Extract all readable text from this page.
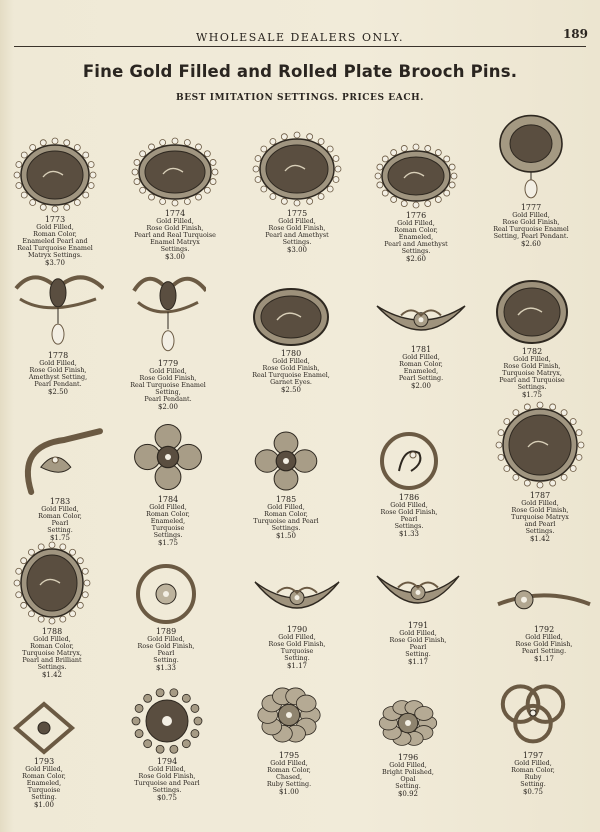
WHOLESALE DEALERS ONLY.	189
Fine Gold Filled and Rolled Plate Brooch Pins.
BEST IMITATION SETTINGS. PRICES EACH.
1773
Gold Filled,
Roman Color,
Enameled Pearl and
Real Turquoise Enamel
Matryx Settings.
$3.70
1774
Gold Filled,
Rose Gold Finish,
Pearl and Real Turquoise
Enamel Matryx
Settings.
$3.00
1775
Gold Filled,
Rose Gold Finish,
Pearl and Amethyst
Settings.
$3.00
1776
Gold Filled,
Roman Color,
Enameled,
Pearl and Amethyst
Settings.
$2.60
1777
Gold Filled,
Rose Gold Finish,
Real Turquoise Enamel
Setting, Pearl Pendant.
$2.60
1778
Gold Filled,
Rose Gold Finish,
Amethyst Setting,
Pearl Pendant.
$2.50
1779
Gold Filled,
Rose Gold Finish,
Real Turquoise Enamel
Setting,
Pearl Pendant.
$2.00
1780
Gold Filled,
Rose Gold Finish,
Real Turquoise Enamel,
Garnet Eyes.
$2.50
1781
Gold Filled,
Roman Color,
Enameled,
Pearl Setting.
$2.00
1782
Gold Filled,
Rose Gold Finish,
Turquoise Matryx,
Pearl and Turquoise
Settings.
$1.75
1783
Gold Filled,
Roman Color,
Pearl
Setting.
$1.75
1784
Gold Filled,
Roman Color,
Enameled,
Turquoise
Settings.
$1.75
1785
Gold Filled,
Roman Color,
Turquoise and Pearl
Settings.
$1.50
1786
Gold Filled,
Rose Gold Finish,
Pearl
Settings.
$1.33
1787
Gold Filled,
Rose Gold Finish,
Turquoise Matryx
and Pearl
Settings.
$1.42
1788
Gold Filled,
Roman Color,
Turquoise Matryx,
Pearl and Brilliant
Settings.
$1.42
1789
Gold Filled,
Rose Gold Finish,
Pearl
Setting.
$1.33
1790
Gold Filled,
Rose Gold Finish,
Turquoise
Setting.
$1.17
1791
Gold Filled,
Rose Gold Finish,
Pearl
Setting.
$1.17
1792
Gold Filled,
Rose Gold Finish,
Pearl Setting.
$1.17
1793
Gold Filled,
Roman Color,
Enameled,
Turquoise
Setting.
$1.00
1794
Gold Filled,
Rose Gold Finish,
Turquoise and Pearl
Settings.
$0.75
1795
Gold Filled,
Roman Color,
Chased,
Ruby Setting.
$1.00
1796
Gold Filled,
Bright Polished,
Opal
Setting.
$0.92
1797
Gold Filled,
Roman Color,
Ruby
Setting.
$0.75
